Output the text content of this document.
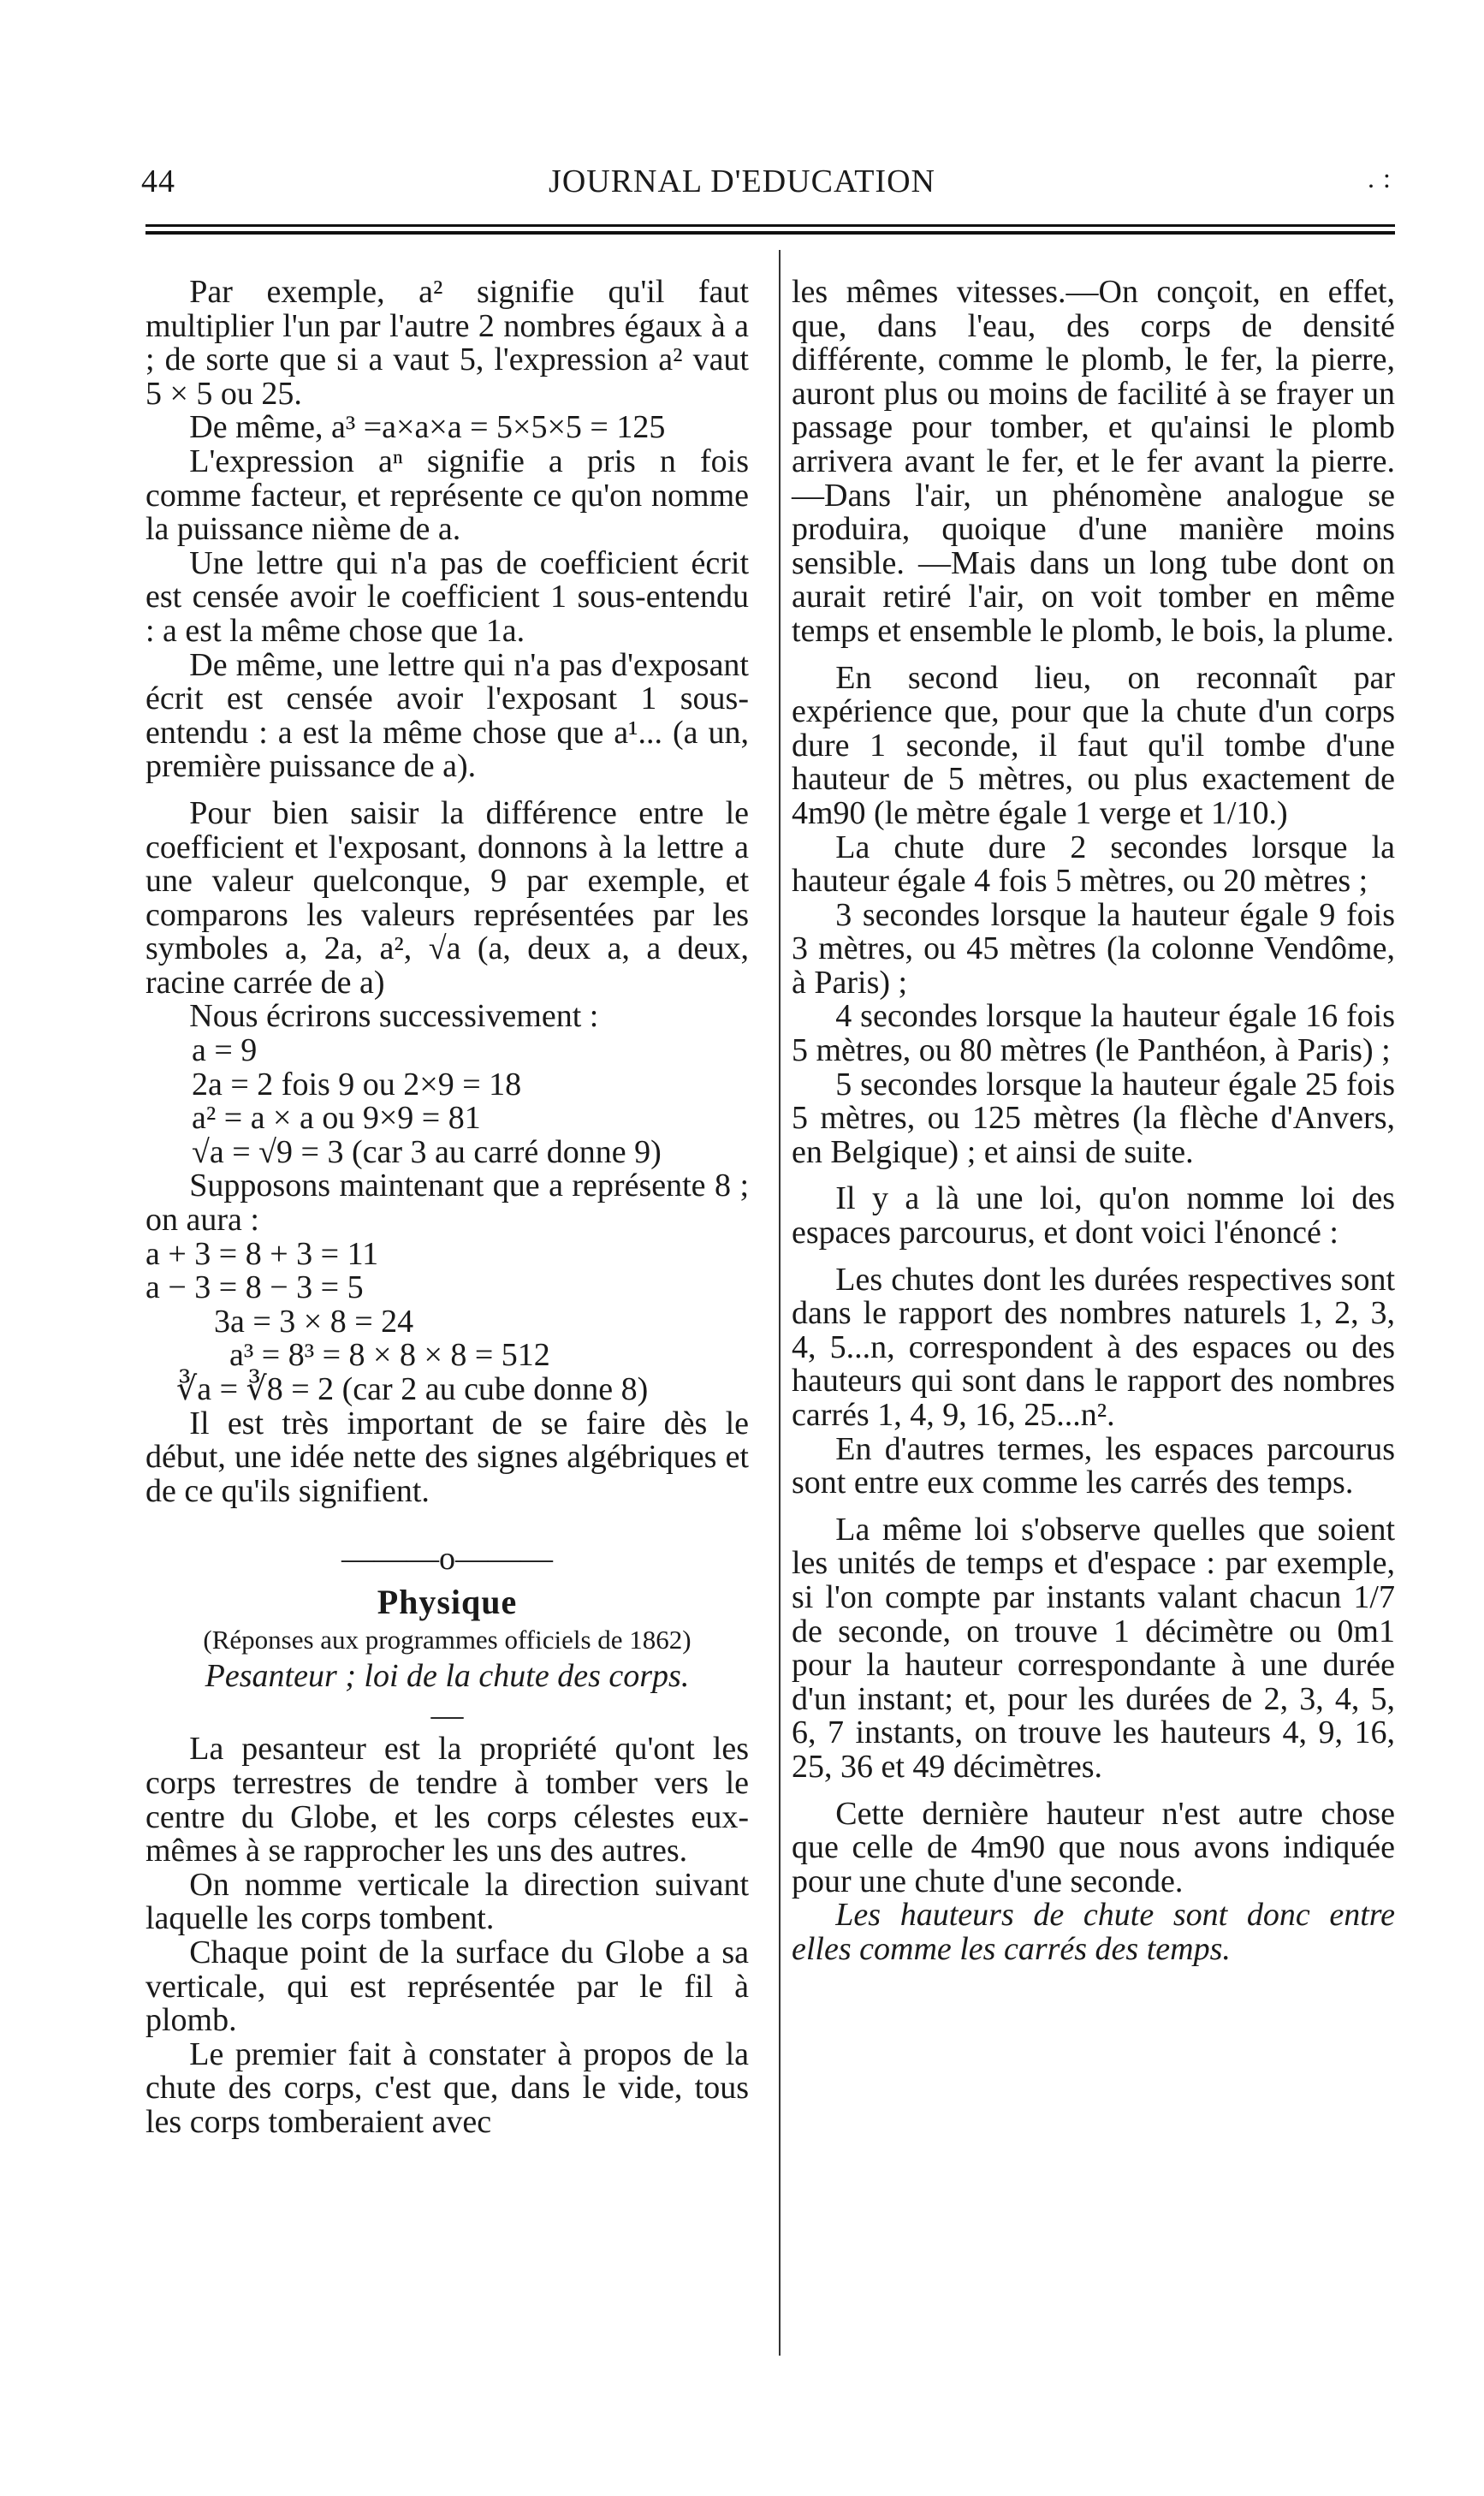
44	JOURNAL D'EDUCATION	. :

Par exemple, a² signifie qu'il faut multiplier l'un par l'autre 2 nombres égaux à a ; de sorte que si a vaut 5, l'expression a² vaut 5 × 5 ou 25.

De même, a³ =a×a×a = 5×5×5 = 125

L'expression aⁿ signifie a pris n fois comme facteur, et représente ce qu'on nomme la puissance nième de a.

Une lettre qui n'a pas de coefficient écrit est censée avoir le coefficient 1 sous-entendu : a est la même chose que 1a.

De même, une lettre qui n'a pas d'exposant écrit est censée avoir l'exposant 1 sous-entendu : a est la même chose que a¹... (a un, première puissance de a).

Pour bien saisir la différence entre le coefficient et l'exposant, donnons à la lettre a une valeur quelconque, 9 par exemple, et comparons les valeurs représentées par les symboles a, 2a, a², √a (a, deux a, a deux, racine carrée de a)

Nous écrirons successivement :

a = 9
2a = 2 fois 9 ou 2×9 = 18
a² = a × a ou 9×9 = 81
√a = √9 = 3 (car 3 au carré donne 9)

Supposons maintenant que a représente 8 ; on aura :

a + 3 = 8 + 3 = 11
a − 3 = 8 − 3 = 5
3a = 3 × 8 = 24
a³ = 8³ = 8 × 8 × 8 = 512
∛a = ∛8 = 2 (car 2 au cube donne 8)

Il est très important de se faire dès le début, une idée nette des signes algébriques et de ce qu'ils signifient.

———o———
Physique
(Réponses aux programmes officiels de 1862)
Pesanteur ; loi de la chute des corps.
—

La pesanteur est la propriété qu'ont les corps terrestres de tendre à tomber vers le centre du Globe, et les corps célestes eux-mêmes à se rapprocher les uns des autres.

On nomme verticale la direction suivant laquelle les corps tombent.

Chaque point de la surface du Globe a sa verticale, qui est représentée par le fil à plomb.

Le premier fait à constater à propos de la chute des corps, c'est que, dans le vide, tous les corps tomberaient avec

les mêmes vitesses.—On conçoit, en effet, que, dans l'eau, des corps de densité différente, comme le plomb, le fer, la pierre, auront plus ou moins de facilité à se frayer un passage pour tomber, et qu'ainsi le plomb arrivera avant le fer, et le fer avant la pierre.—Dans l'air, un phénomène analogue se produira, quoique d'une manière moins sensible. —Mais dans un long tube dont on aurait retiré l'air, on voit tomber en même temps et ensemble le plomb, le bois, la plume.

En second lieu, on reconnaît par expérience que, pour que la chute d'un corps dure 1 seconde, il faut qu'il tombe d'une hauteur de 5 mètres, ou plus exactement de 4m90 (le mètre égale 1 verge et 1/10.)

La chute dure 2 secondes lorsque la hauteur égale 4 fois 5 mètres, ou 20 mètres ;

3 secondes lorsque la hauteur égale 9 fois 3 mètres, ou 45 mètres (la colonne Vendôme, à Paris) ;

4 secondes lorsque la hauteur égale 16 fois 5 mètres, ou 80 mètres (le Panthéon, à Paris) ;

5 secondes lorsque la hauteur égale 25 fois 5 mètres, ou 125 mètres (la flèche d'Anvers, en Belgique) ; et ainsi de suite.

Il y a là une loi, qu'on nomme loi des espaces parcourus, et dont voici l'énoncé :

Les chutes dont les durées respectives sont dans le rapport des nombres naturels 1, 2, 3, 4, 5...n, correspondent à des espaces ou des hauteurs qui sont dans le rapport des nombres carrés 1, 4, 9, 16, 25...n².

En d'autres termes, les espaces parcourus sont entre eux comme les carrés des temps.

La même loi s'observe quelles que soient les unités de temps et d'espace : par exemple, si l'on compte par instants valant chacun 1/7 de seconde, on trouve 1 décimètre ou 0m1 pour la hauteur correspondante à une durée d'un instant; et, pour les durées de 2, 3, 4, 5, 6, 7 instants, on trouve les hauteurs 4, 9, 16, 25, 36 et 49 décimètres.

Cette dernière hauteur n'est autre chose que celle de 4m90 que nous avons indiquée pour une chute d'une seconde.

Les hauteurs de chute sont donc entre elles comme les carrés des temps.
